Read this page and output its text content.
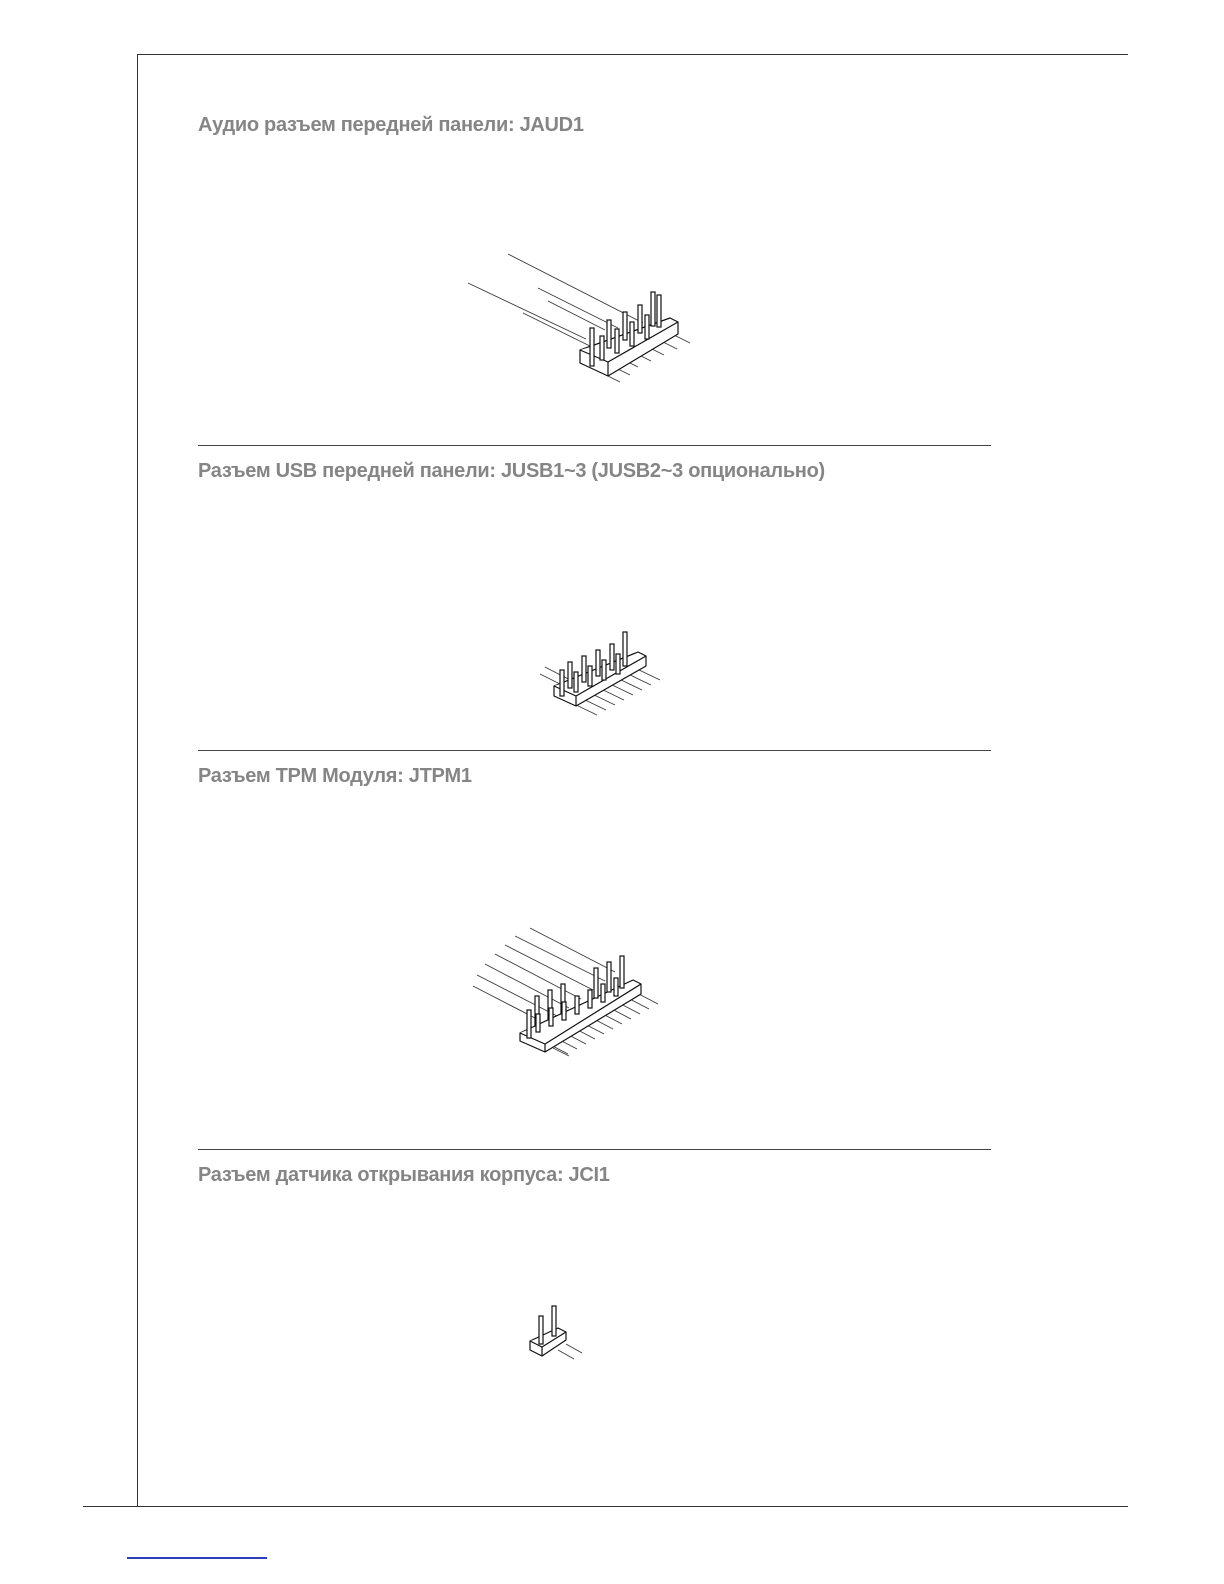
Аудио разъем передней панели: JAUD1
Разъем USB передней панели: JUSB1~3 (JUSB2~3 опционально)
Разъем TPM Модуля: JTPM1
Разъем датчика открывания корпуса: JCI1
